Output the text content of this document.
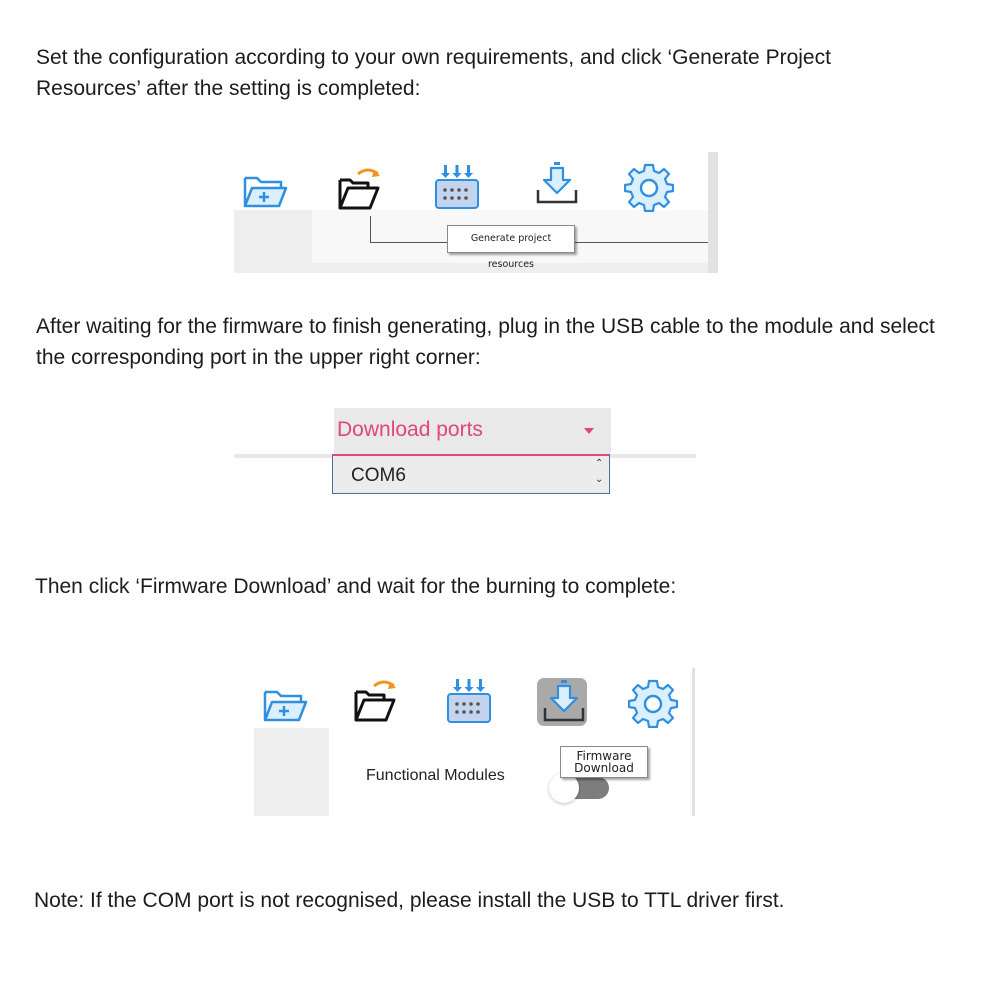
Set the configuration according to your own requirements, and click ‘Generate Project Resources’ after the setting is completed:

Generate project resources

After waiting for the firmware to finish generating, plug in the USB cable to the module and select the corresponding port in the upper right corner:

Download ports
COM6
⌃
⌄

Then click ‘Firmware Download’ and wait for the burning to complete:

Functional Modules
Firmware
Download

Note: If the COM port is not recognised, please install the USB to TTL driver first.
